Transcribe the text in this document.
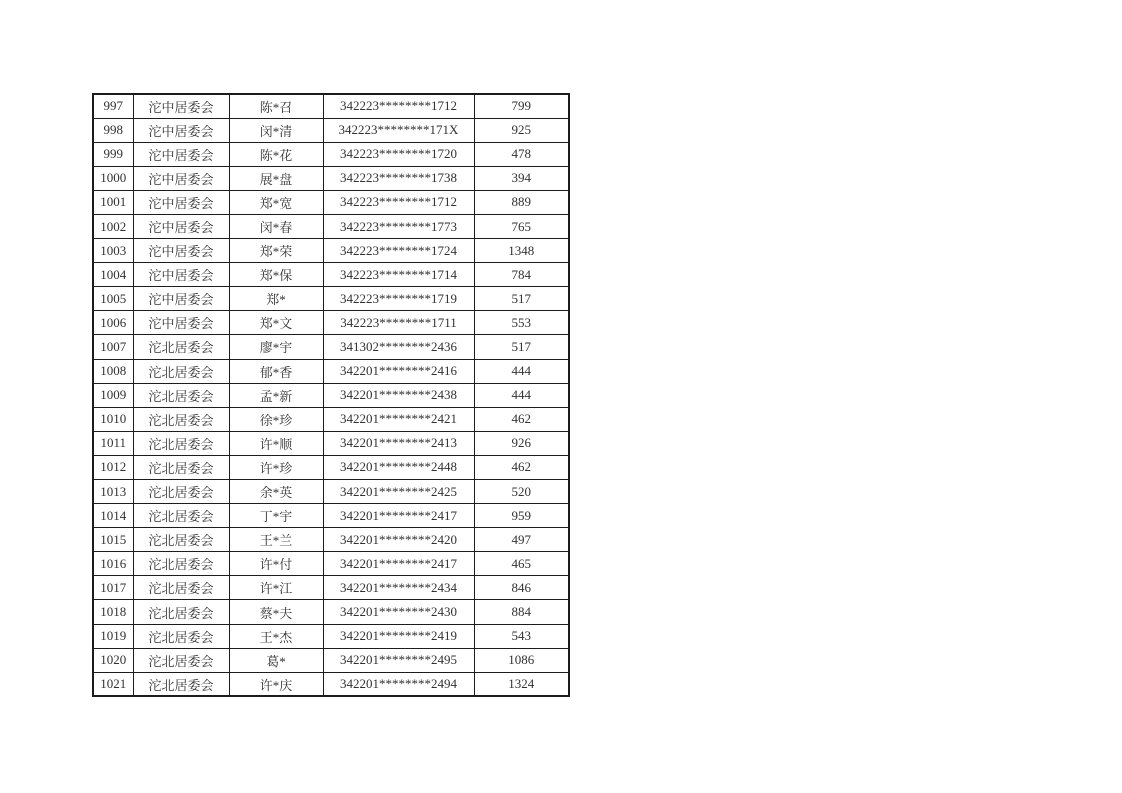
997	沱中居委会	陈*召	342223********1712	799
998	沱中居委会	闵*清	342223********171X	925
999	沱中居委会	陈*花	342223********1720	478
1000	沱中居委会	展*盘	342223********1738	394
1001	沱中居委会	郑*宽	342223********1712	889
1002	沱中居委会	闵*春	342223********1773	765
1003	沱中居委会	郑*荣	342223********1724	1348
1004	沱中居委会	郑*保	342223********1714	784
1005	沱中居委会	郑*	342223********1719	517
1006	沱中居委会	郑*文	342223********1711	553
1007	沱北居委会	廖*宇	341302********2436	517
1008	沱北居委会	郁*香	342201********2416	444
1009	沱北居委会	孟*新	342201********2438	444
1010	沱北居委会	徐*珍	342201********2421	462
1011	沱北居委会	许*顺	342201********2413	926
1012	沱北居委会	许*珍	342201********2448	462
1013	沱北居委会	余*英	342201********2425	520
1014	沱北居委会	丁*宇	342201********2417	959
1015	沱北居委会	王*兰	342201********2420	497
1016	沱北居委会	许*付	342201********2417	465
1017	沱北居委会	许*江	342201********2434	846
1018	沱北居委会	蔡*夫	342201********2430	884
1019	沱北居委会	王*杰	342201********2419	543
1020	沱北居委会	葛*	342201********2495	1086
1021	沱北居委会	许*庆	342201********2494	1324
